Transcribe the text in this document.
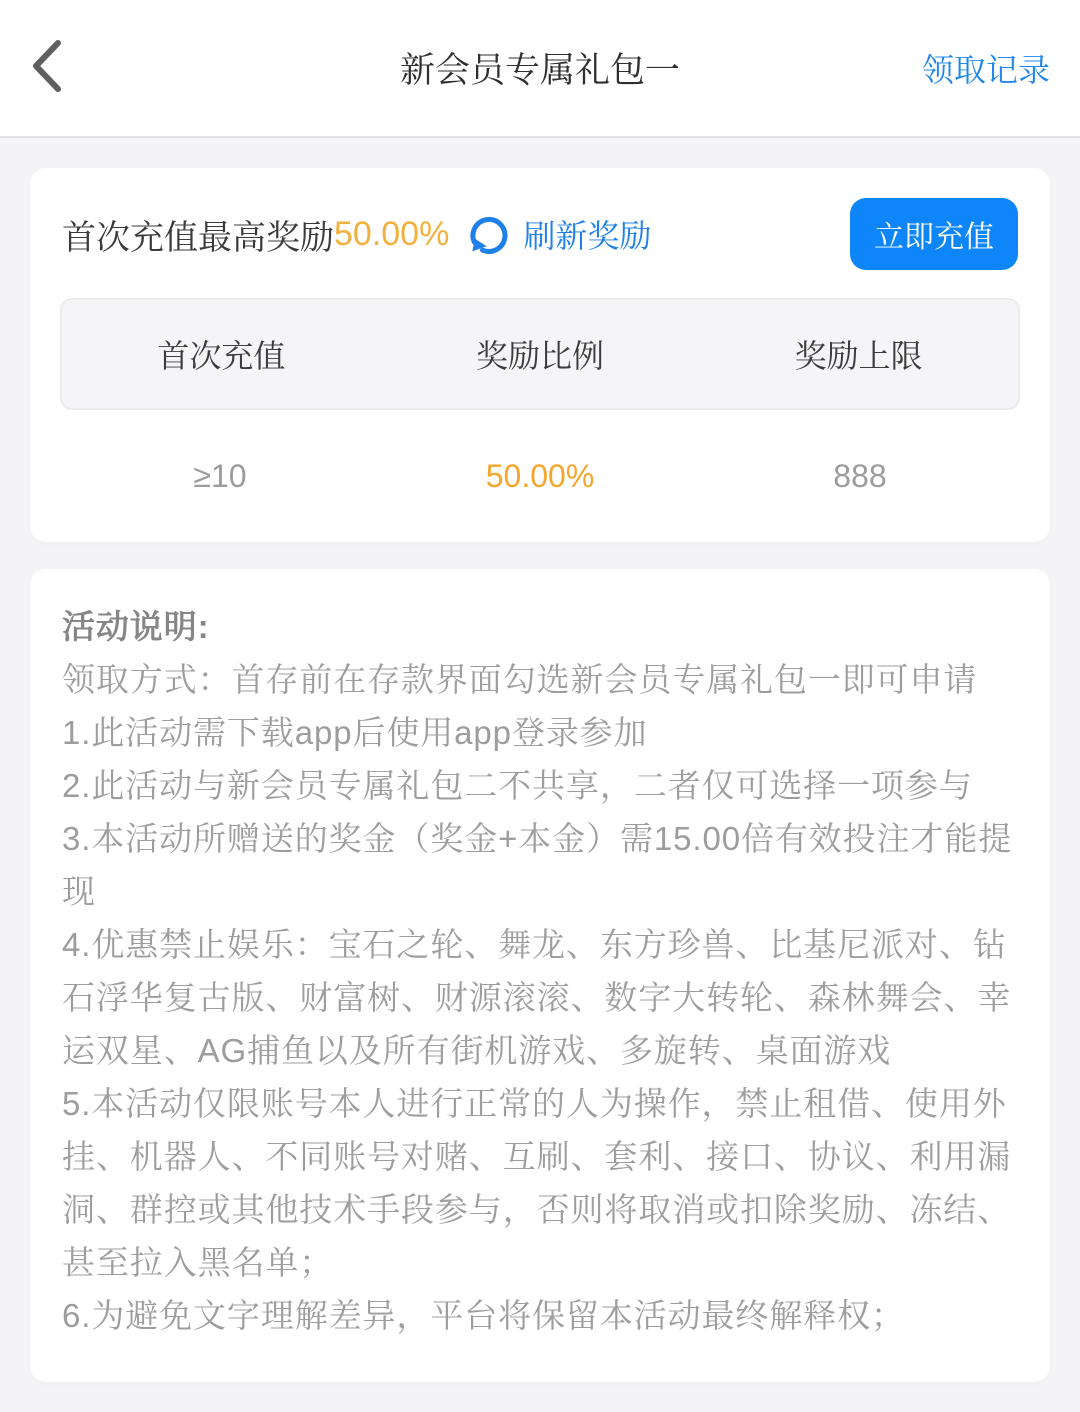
新会员专属礼包一	领取记录
首次充值最高奖励 50.00% 刷新奖励	立即充值
首次充值	奖励比例	奖励上限
≥10	50.00%	888
活动说明:

领取方式：首存前在存款界面勾选新会员专属礼包一即可申请

1.此活动需下载app后使用app登录参加

2.此活动与新会员专属礼包二不共享，二者仅可选择一项参与

3.本活动所赠送的奖金（奖金+本金）需15.00倍有效投注才能提现

4.优惠禁止娱乐：宝石之轮、舞龙、东方珍兽、比基尼派对、钻石浮华复古版、财富树、财源滚滚、数字大转轮、森林舞会、幸运双星、AG捕鱼以及所有街机游戏、多旋转、桌面游戏

5.本活动仅限账号本人进行正常的人为操作，禁止租借、使用外挂、机器人、不同账号对赌、互刷、套利、接口、协议、利用漏洞、群控或其他技术手段参与，否则将取消或扣除奖励、冻结、甚至拉入黑名单；

6.为避免文字理解差异，平台将保留本活动最终解释权；
